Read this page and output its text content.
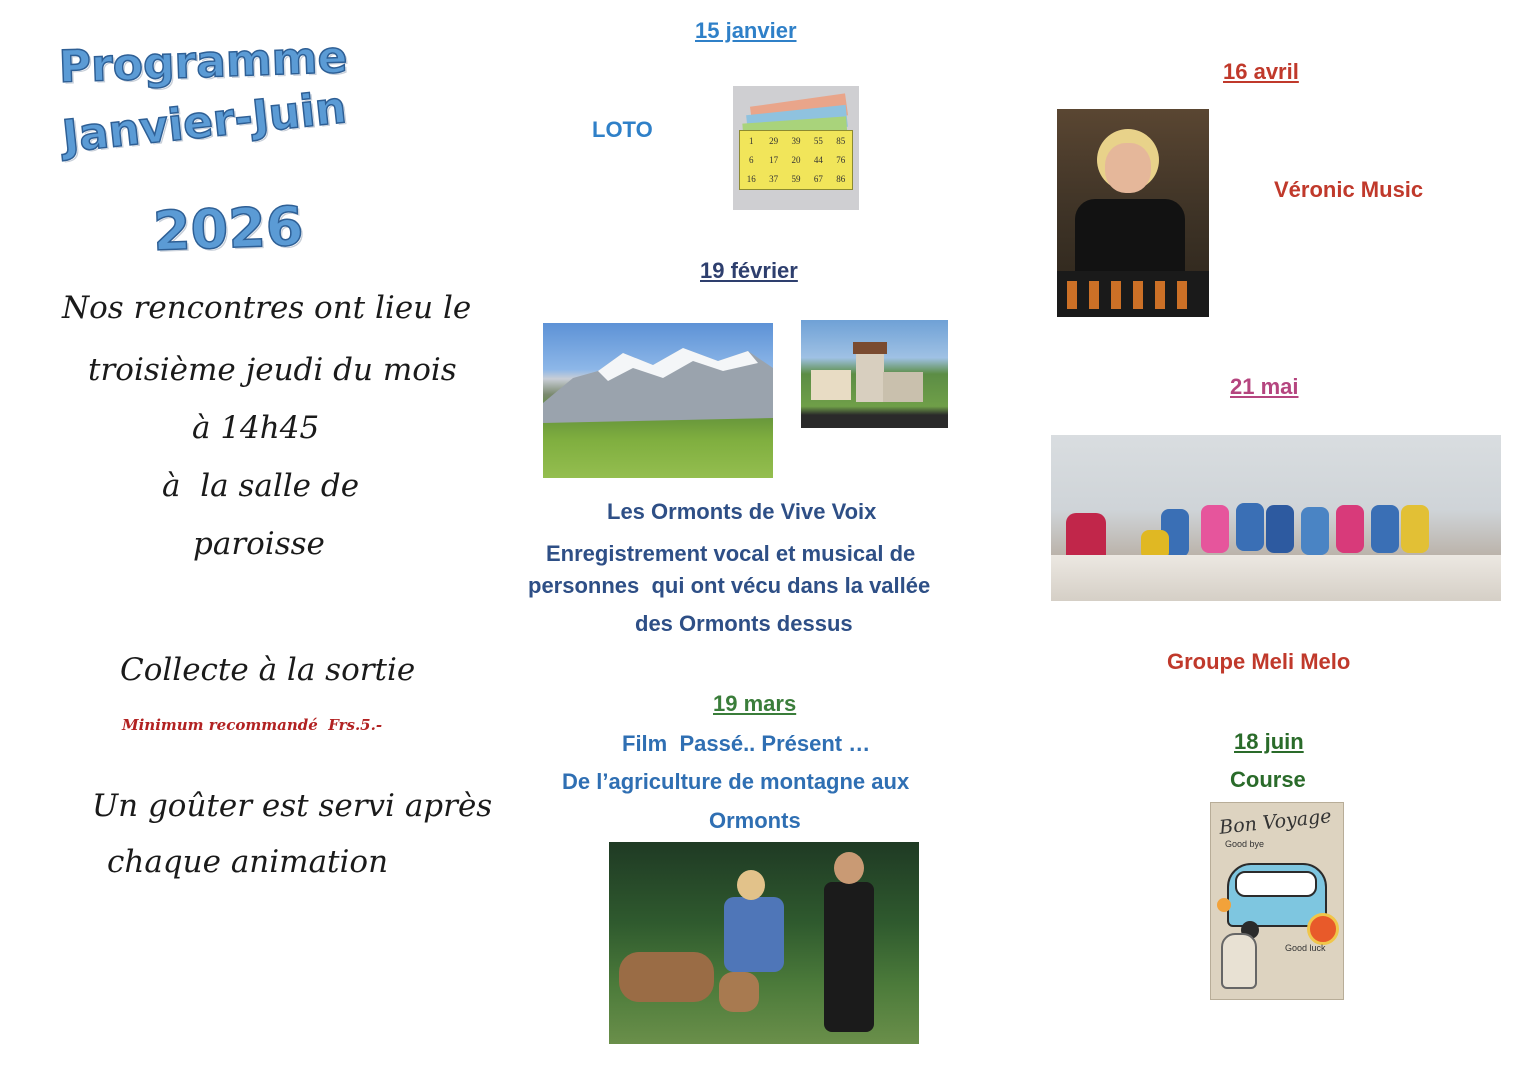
Programme
Janvier-Juin
2026
Nos rencontres ont lieu le
troisième jeudi du mois
à 14h45
à  la salle de
paroisse
Collecte à la sortie
Minimum recommandé  Frs.5.-
Un goûter est servi après
chaque animation
15 janvier
LOTO	1	29	39	55	85
6	17	20	44	76
16	37	59	67	86
19 février
Les Ormonts de Vive Voix
Enregistrement vocal et musical de
personnes  qui ont vécu dans la vallée
des Ormonts dessus
19 mars
Film  Passé.. Présent …
De l’agriculture de montagne aux
Ormonts
16 avril
Véronic Music
21 mai
Groupe Meli Melo
18 juin
Course
Bon Voyage
Good bye
Good luck
